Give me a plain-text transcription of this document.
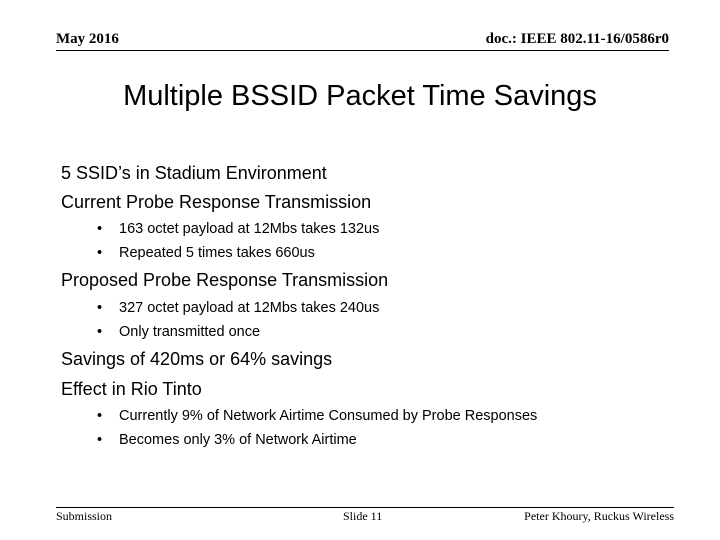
May 2016	doc.: IEEE 802.11-16/0586r0
Multiple BSSID Packet Time Savings
5 SSID’s in Stadium Environment
Current Probe Response Transmission
• 163 octet payload at 12Mbs takes 132us
• Repeated 5 times takes 660us
Proposed Probe Response Transmission
• 327 octet payload at 12Mbs takes 240us
• Only transmitted once
Savings of 420ms or 64% savings
Effect in Rio Tinto
• Currently 9% of Network Airtime Consumed by Probe Responses
• Becomes only 3% of Network Airtime
Submission	Slide 11	Peter Khoury, Ruckus Wireless
